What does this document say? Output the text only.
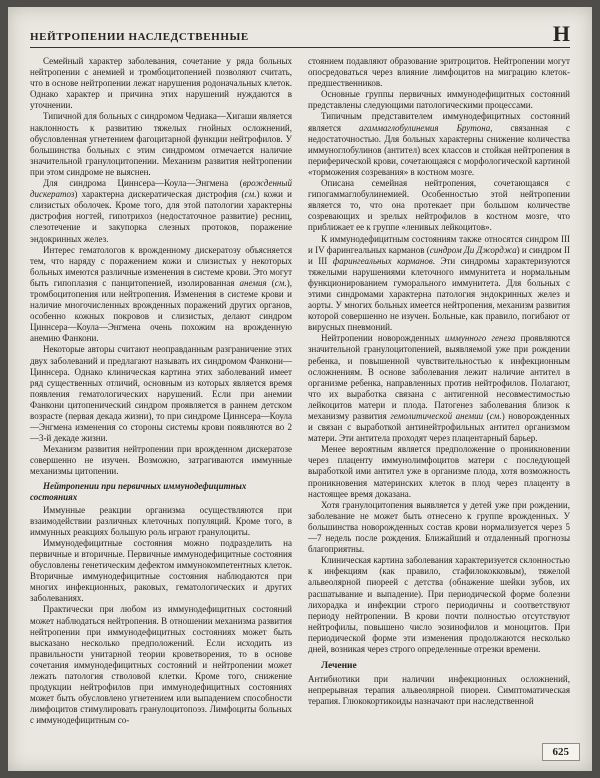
НЕЙТРОПЕНИИ НАСЛЕДСТВЕННЫЕ	Н

Семейный характер заболевания, сочетание у ряда больных нейтропении с анемией и тромбоцитопенией позволяют считать, что в основе нейтропении лежат нарушения родоначальных клеток. Однако характер и причина этих нарушений нуждаются в уточнении.

Типичной для больных с синдромом Чедиака—Хигаши является наклонность к развитию тяжелых гнойных осложнений, обусловленная угнетением фагоцитарной функции нейтрофилов. У большинства больных с этим синдромом отмечается наличие значительной гранулоцитопении. Механизм развития нейтропении при этом синдроме не выяснен.

Для синдрома Циннсера—Коула—Энгмена (врожденный дискератоз) характерна дискератическая дистрофия (см.) кожи и слизистых оболочек. Кроме того, для этой патологии характерны дистрофия ногтей, гипотрихоз (недостаточное развитие) ресниц, слезотечение и закупорка слезных протоков, поражение эндокринных желез.

Интерес гематологов к врожденному дискератозу объясняется тем, что наряду с поражением кожи и слизистых у некоторых больных имеются различные изменения в системе крови. Это могут быть гипоплазия с панцитопенией, изолированная анемия (см.), тромбоцитопения или нейтропения. Изменения в системе крови и наличие многочисленных врожденных поражений других органов, особенно кожных покровов и слизистых, делают синдром Циннсера—Коула—Энгмена очень похожим на врожденную анемию Фанкони.

Некоторые авторы считают неоправданным разграничение этих двух заболеваний и предлагают называть их синдромом Фанкони—Циннсера. Однако клиническая картина этих заболеваний имеет ряд существенных отличий, основным из которых является время появления гематологических нарушений. Если при анемии Фанкони цитопенический синдром проявляется в раннем детском возрасте (первая декада жизни), то при синдроме Циннсера—Коула—Энгмена изменения со стороны системы крови появляются во 2—3-й декаде жизни.

Механизм развития нейтропении при врожденном дискератозе совершенно не изучен. Возможно, затрагиваются иммунные механизмы цитопении.

Нейтропении при первичных иммунодефицитных состояниях

Иммунные реакции организма осуществляются при взаимодействии различных клеточных популяций. Кроме того, в иммунных реакциях большую роль играют гранулоциты.

Иммунодефицитные состояния можно подразделить на первичные и вторичные. Первичные иммунодефицитные состояния обусловлены генетическим дефектом иммунокомпетентных клеток. Вторичные иммунодефицитные состояния наблюдаются при многих инфекционных, раковых, гематологических и других заболеваниях.

Практически при любом из иммунодефицитных состояний может наблюдаться нейтропения. В отношении механизма развития нейтропении при иммунодефицитных состояниях может быть высказано несколько предположений. Если исходить из правильности унитарной теории кроветворения, то в основе сочетания иммунодефицитных состояний и нейтропении может лежать патология стволовой клетки. Кроме того, снижение продукции нейтрофилов при иммунодефицитных состояниях может быть обусловлено угнетением или выпадением способности лимфоцитов стимулировать гранулоцитопоэз. Лимфоциты больных с иммунодефицитным со-

стоянием подавляют образование эритроцитов. Нейтропении могут опосредоваться через влияние лимфоцитов на миграцию клеток-предшественников.

Основные группы первичных иммунодефицитных состояний представлены следующими патологическими процессами.

Типичным представителем иммунодефицитных состояний является агаммаглобулинемия Брутона, связанная с недостаточностью. Для больных характерны снижение количества иммуноглобулинов (антител) всех классов и стойкая нейтропения в периферической крови, сочетающаяся с морфологической картиной «торможения созревания» в костном мозге.

Описана семейная нейтропения, сочетающаяся с гипогаммаглобулинемией. Особенностью этой нейтропении является то, что она протекает при большом количестве созревающих и зрелых нейтрофилов в костном мозге, что приближает ее к группе «ленивых лейкоцитов».

К иммунодефицитным состояниям также относятся синдром III и IV фарингеальных карманов (синдром Ди Джорджа) и синдром II и III фарингеальных карманов. Эти синдромы характеризуются тяжелыми нарушениями клеточного иммунитета и нормальным функционированием гуморального иммунитета. Для больных с этими синдромами характерна патология эндокринных желез и аорты. У многих больных имеется нейтропения, механизм развития которой совершенно не изучен. Больные, как правило, погибают от вирусных пневмоний.

Нейтропении новорожденных иммунного генеза проявляются значительной гранулоцитопенией, выявляемой уже при рождении ребенка, и повышенной чувствительностью к инфекционным осложнениям. В основе заболевания лежит наличие антител в организме ребенка, направленных против нейтрофилов. Полагают, что их выработка связана с антигенной несовместимостью лейкоцитов матери и плода. Патогенез заболевания близок к механизму развития гемолитической анемии (см.) новорожденных и связан с выработкой антинейтрофильных антител организмом матери. Эти антитела проходят через плацентарный барьер.

Менее вероятным является предположение о проникновении через плаценту иммунолимфоцитов матери с последующей выработкой ими антител уже в организме плода, хотя возможность проникновения материнских клеток в плод через плаценту в настоящее время доказана.

Хотя гранулоцитопения выявляется у детей уже при рождении, заболевание не может быть отнесено к группе врожденных. У большинства новорожденных состав крови нормализуется через 5—7 недель после рождения. Ближайший и отдаленный прогнозы благоприятны.

Клиническая картина заболевания характеризуется склонностью к инфекциям (как правило, стафилококковым), тяжелой альвеолярной пиореей с детства (обнажение шейки зубов, их расшатывание и выпадение). При периодической форме болезни лихорадка и инфекции строго периодичны и соответствуют периоду нейтропении. В крови почти полностью отсутствуют нейтрофилы, повышено число эозинофилов и моноцитов. При периодической форме эти изменения продолжаются несколько дней, возникая через строго определенные отрезки времени.

Лечение

Антибиотики при наличии инфекционных осложнений, непрерывная терапия альвеолярной пиореи. Симптоматическая терапия. Глюкокортикоиды назначают при наследственной

625
